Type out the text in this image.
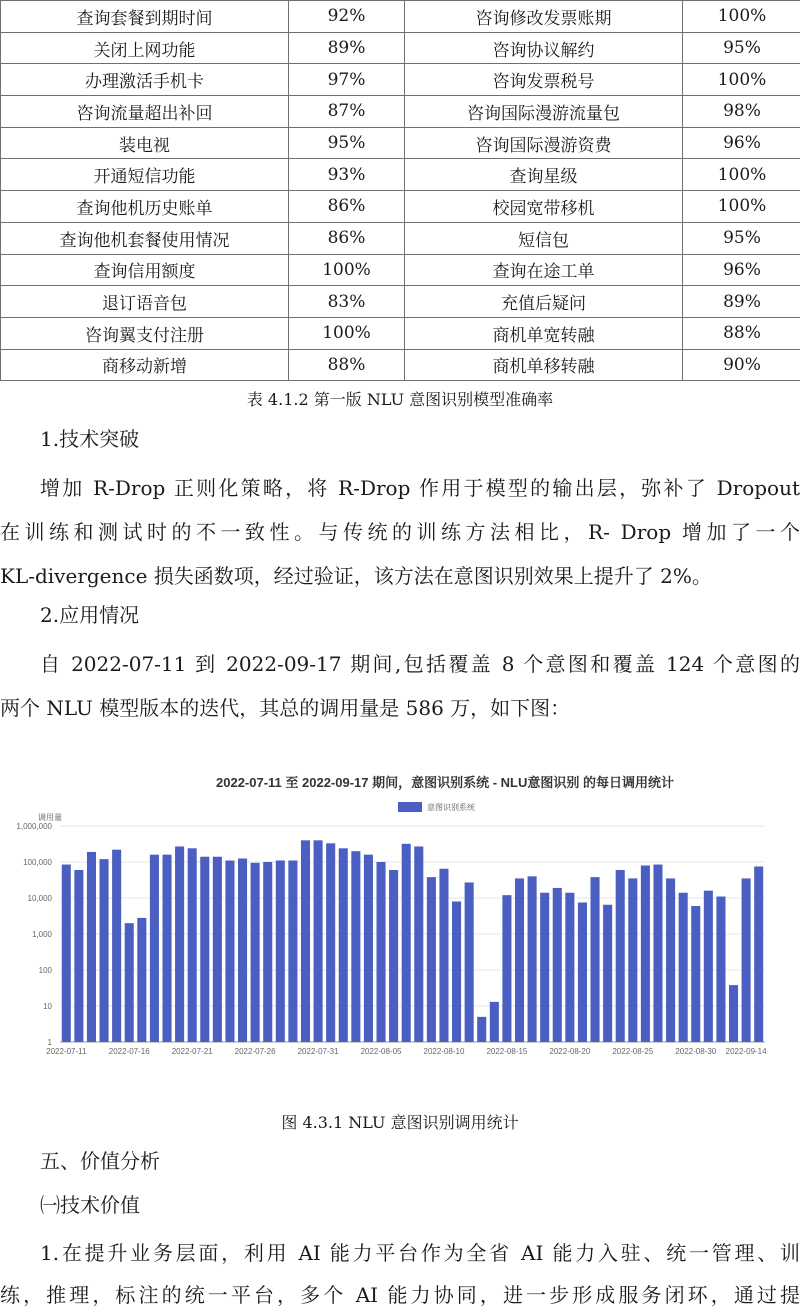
查询套餐到期时间	92%	咨询修改发票账期	100%
关闭上网功能	89%	咨询协议解约	95%
办理激活手机卡	97%	咨询发票税号	100%
咨询流量超出补回	87%	咨询国际漫游流量包	98%
装电视	95%	咨询国际漫游资费	96%
开通短信功能	93%	查询星级	100%
查询他机历史账单	86%	校园宽带移机	100%
查询他机套餐使用情况	86%	短信包	95%
查询信用额度	100%	查询在途工单	96%
退订语音包	83%	充值后疑问	89%
咨询翼支付注册	100%	商机单宽转融	88%
商移动新增	88%	商机单移转融	90%
表 4.1.2 第一版 NLU 意图识别模型准确率

1.技术突破

增加 R-Drop 正则化策略，将 R-Drop 作用于模型的输出层，弥补了 Dropout
在训练和测试时的不一致性。与传统的训练方法相比，R- Drop 增加了一个
KL-divergence 损失函数项，经过验证，该方法在意图识别效果上提升了 2%。

2.应用情况

自 2022-07-11 到 2022-09-17 期间,包括覆盖 8 个意图和覆盖 124 个意图的
两个 NLU 模型版本的迭代，其总的调用量是 586 万，如下图：
2022-07-11 至 2022-09-17 期间，意图识别系统 - NLU意图识别 的每日调用统计
意图识别系统
调用量
1,000,000
100,000
10,000
1,000
100
10
1
2022-07-11	2022-07-16	2022-07-21	2022-07-26	2022-07-31	2022-08-05	2022-08-10	2022-08-15	2022-08-20	2022-08-25	2022-08-30 2022-09-14
图 4.3.1 NLU 意图识别调用统计

五、价值分析

㈠技术价值

1.在提升业务层面，利用 AI 能力平台作为全省 AI 能力入驻、统一管理、训
练，推理，标注的统一平台，多个 AI 能力协同，进一步形成服务闭环，通过提
